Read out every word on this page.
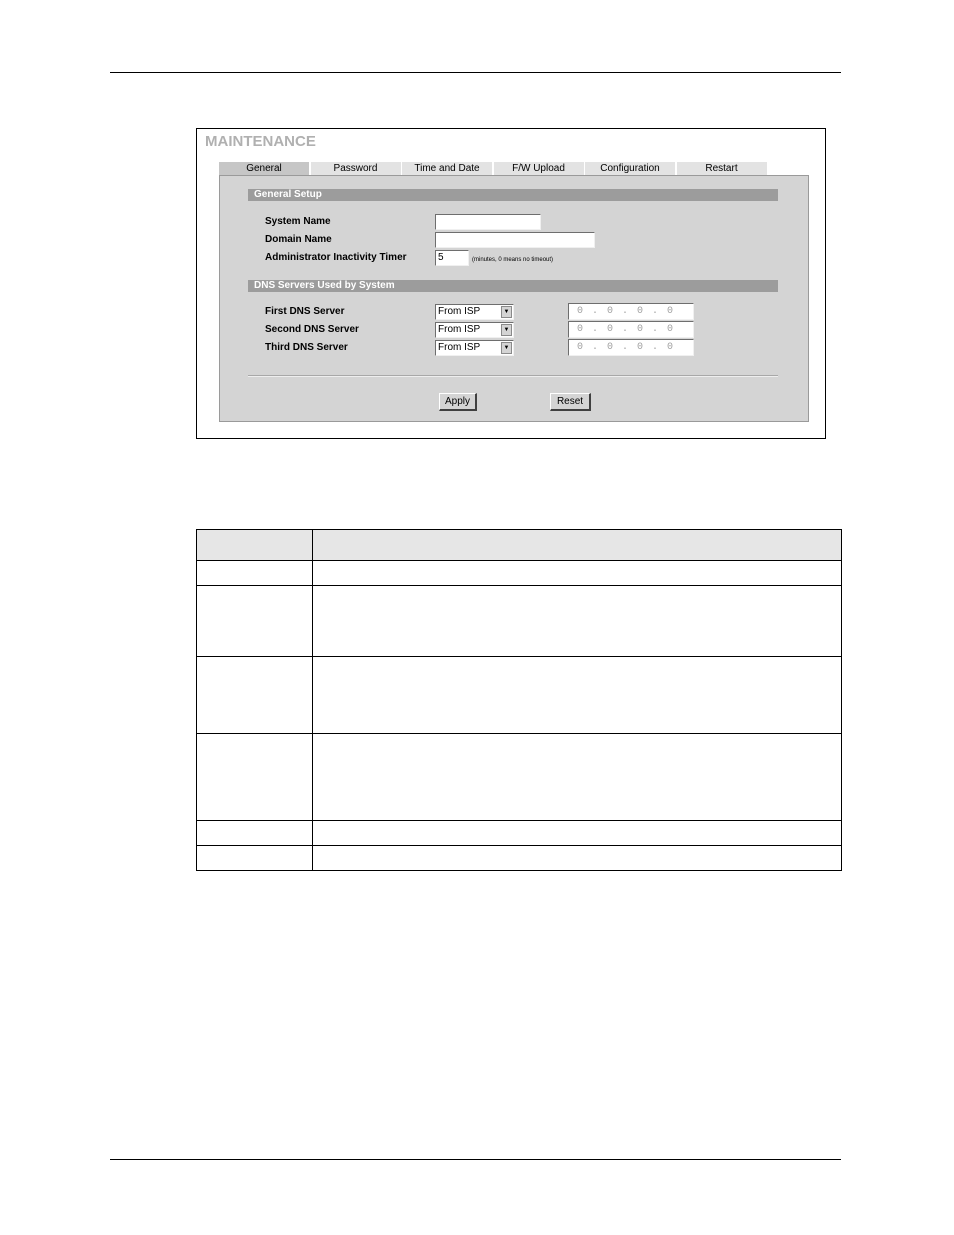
MAINTENANCE
General	Password	Time and Date	F/W Upload	Configuration	Restart
General Setup
System Name
Domain Name
Administrator Inactivity Timer	5	(minutes, 0 means no timeout)
DNS Servers Used by System
First DNS Server	From ISP	▼	0 . 0 . 0 . 0
Second DNS Server	From ISP	▼	0 . 0 . 0 . 0
Third DNS Server	From ISP	▼	0 . 0 . 0 . 0
Apply	Reset
